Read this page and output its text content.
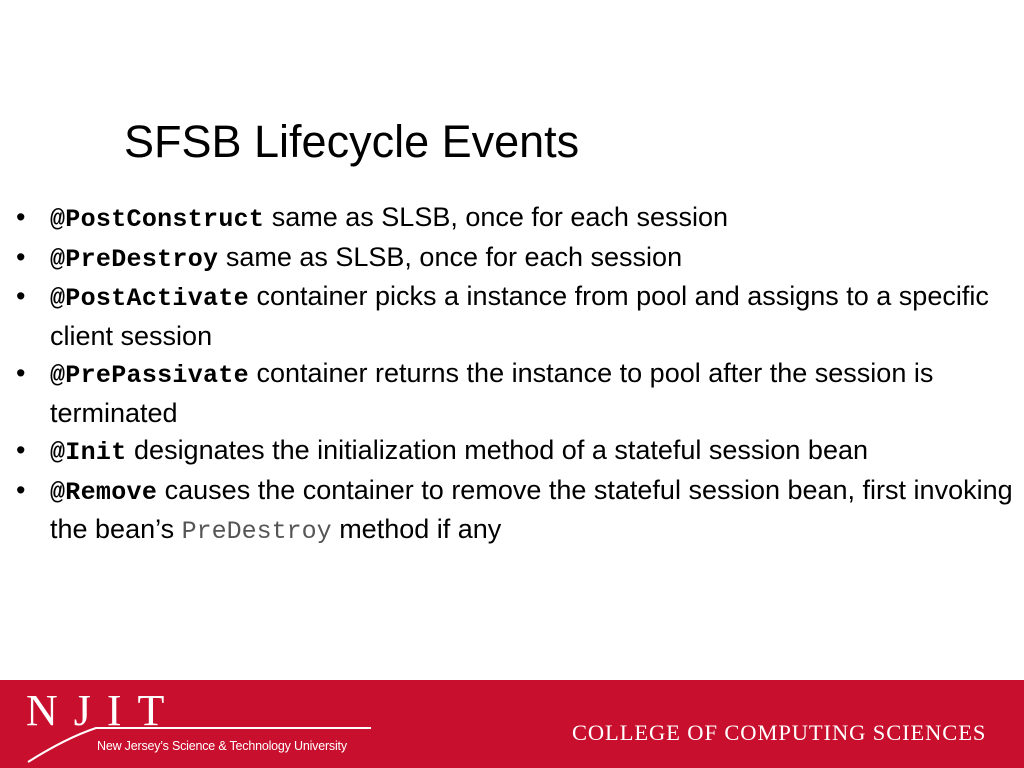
SFSB Lifecycle Events
• @PostConstruct same as SLSB, once for each session
• @PreDestroy same as SLSB, once for each session
• @PostActivate container picks a instance from pool and assigns to a specific client session
• @PrePassivate container returns the instance to pool after the session is terminated
• @Init designates the initialization method of a stateful session bean
• @Remove causes the container to remove the stateful session bean, first invoking the bean’s PreDestroy method if any
NJIT
New Jersey’s Science & Technology University
COLLEGE OF COMPUTING SCIENCES
